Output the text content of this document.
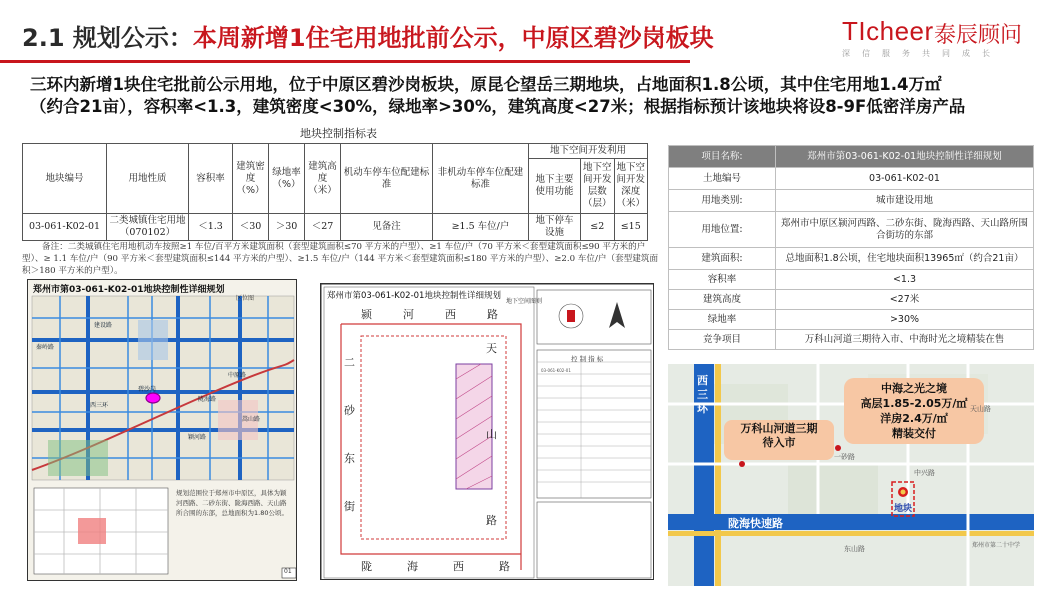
2.1 规划公示：本周新增1住宅用地批前公示，中原区碧沙岗板块	TIcheer 泰辰顾问
深信服务共同成长

三环内新增1块住宅批前公示用地，位于中原区碧沙岗板块，原昆仑望岳三期地块，占地面积1.8公顷，其中住宅用地1.4万㎡

（约合21亩），容积率<1.3，建筑密度<30%，绿地率>30%，建筑高度<27米；根据指标预计该地块将设8-9F低密洋房产品

地块控制指标表
地块编号	用地性质	容积率	建筑密度（%）	绿地率（%）	建筑高度（米）	机动车停车位配建标准	非机动车停车位配建标准	地下空间开发利用		
								地下主要使用功能	地下空间开发层数（层）	地下空间开发深度（米）
03-061-K02-01	二类城镇住宅用地（070102）	＜1.3	＜30	＞30	＜27	见备注	≥1.5 车位/户	地下停车设施	≤2	≤15
备注：二类城镇住宅用地机动车按照≥1 车位/百平方米建筑面积（套型建筑面积≤70 平方米的户型）、≥1 车位/户（70 平方米＜套型建筑面积≤90 平方米的户型）、≥ 1.1 车位/户（90 平方米＜套型建筑面积≤144 平方米的户型）、≥1.5 车位/户（144 平方米＜套型建筑面积≤180 平方米的户型）、≥2.0 车位/户（套型建筑面积＞180 平方米的户型）。
郑州市第03-061-K02-01地块控制性详细规划
区位图
秦岭路
建设路
中原路
颖河路
西三环
陇海路
碧沙岗
嵩山路
规划范围位于郑州市中原区，具体为颖河西路、二砂东街、陇海西路、天山路所合围的东部，总地面积为1.80公顷。
01
郑州市第03-061-K02-01地块控制性详细规划
地下空间图则
控 制 指 标
03-061-K02-01
颍	河	西	路
陇	海	西	路
二
砂
东
街
天
山
路
项目名称:	郑州市第03-061-K02-01地块控制性详细规划
土地编号	03-061-K02-01
用地类别:	城市建设用地
用地位置:	郑州市中原区颍河西路、二砂东街、陇海西路、天山路所围合街坊的东部
建筑面积:	总地面积1.8公顷，住宅地块面积13965㎡（约合21亩）
容积率	<1.3
建筑高度	<27米
绿地率	>30%
竞争项目	万科山河道三期待入市、中海时光之境精装在售
西三环
陇海快速路
万科山河道三期
待入市
中海之光之境
高层1.85-2.05万/㎡
洋房2.4万/㎡
精装交付
地块
一砂路
中兴路
郑州市第二十中学
东山路
天山路
